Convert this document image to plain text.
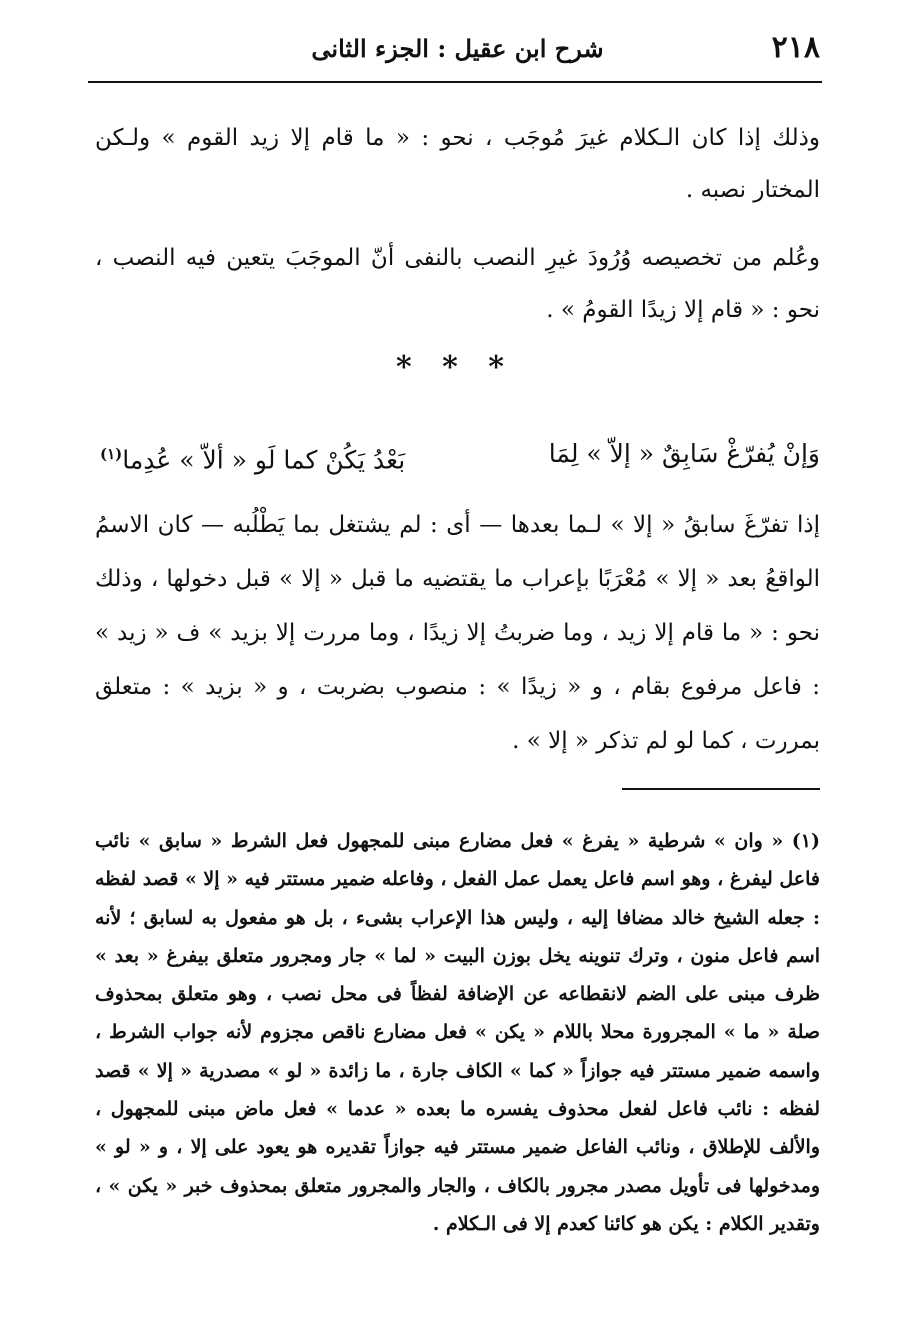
٢١٨
شرح ابن عقيل : الجزء الثانى

وذلك إذا كان الـكلام غيرَ مُوجَب ، نحو : « ما قام إلا زيد القوم » ولـكن المختار نصبه .

وعُلم من تخصيصه وُرُودَ غيرِ النصب بالنفى أنّ الموجَبَ يتعين فيه النصب ، نحو : « قام إلا زيدًا القومُ » .

* * *
وَإنْ يُفرّغْ سَابِقٌ « إلاّ » لِمَا
بَعْدُ يَكُنْ كما لَو « ألاّ » عُدِما$^{(١)}$

إذا تفرّغَ سابقُ « إلا » لـما بعدها — أى : لم يشتغل بما يَطْلُبه — كان الاسمُ الواقعُ بعد « إلا » مُعْرَبًا بإعراب ما يقتضيه ما قبل « إلا » قبل دخولها ، وذلك نحو : « ما قام إلا زيد ، وما ضربتُ إلا زيدًا ، وما مررت إلا بزيد » ف « زيد » : فاعل مرفوع بقام ، و « زيدًا » : منصوب بضربت ، و « بزيد » : متعلق بمررت ، كما لو لم تذكر « إلا » .

(١) « وان » شرطية « يفرغ » فعل مضارع مبنى للمجهول فعل الشرط « سابق » نائب فاعل ليفرغ ، وهو اسم فاعل يعمل عمل الفعل ، وفاعله ضمير مستتر فيه « إلا » قصد لفظه : جعله الشيخ خالد مضافا إليه ، وليس هذا الإعراب بشىء ، بل هو مفعول به لسابق ؛ لأنه اسم فاعل منون ، وترك تنوينه يخل بوزن البيت « لما » جار ومجرور متعلق بيفرغ « بعد » ظرف مبنى على الضم لانقطاعه عن الإضافة لفظاً فى محل نصب ، وهو متعلق بمحذوف صلة « ما » المجرورة محلا باللام « يكن » فعل مضارع ناقص مجزوم لأنه جواب الشرط ، واسمه ضمير مستتر فيه جوازاً « كما » الكاف جارة ، ما زائدة « لو » مصدرية « إلا » قصد لفظه : نائب فاعل لفعل محذوف يفسره ما بعده « عدما » فعل ماض مبنى للمجهول ، والألف للإطلاق ، ونائب الفاعل ضمير مستتر فيه جوازاً تقديره هو يعود على إلا ، و « لو » ومدخولها فى تأويل مصدر مجرور بالكاف ، والجار والمجرور متعلق بمحذوف خبر « يكن » ، وتقدير الكلام : يكن هو كائنا كعدم إلا فى الـكلام .
